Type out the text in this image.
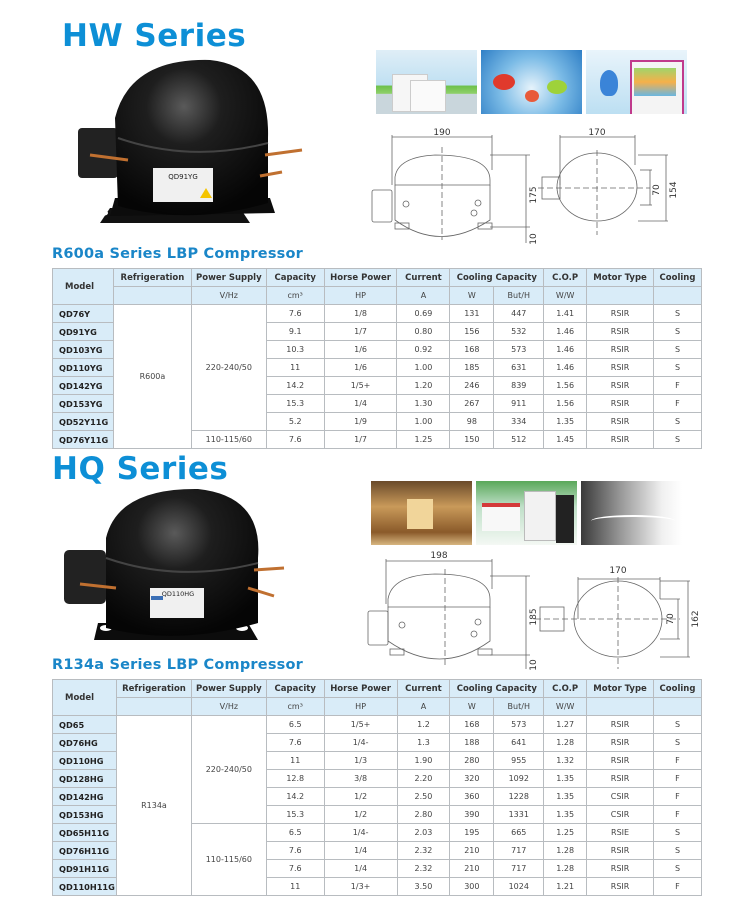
HW Series
QD91YG
190
175
10
170
70 154
R600a Series LBP Compressor
Model	Refrigeration	Power Supply	Capacity	Horse Power	Current	Cooling Capacity		C.O.P	Motor Type	Cooling
		V/Hz	cm³	HP	A	W	But/H	W/W		
QD76Y	R600a	220-240/50	7.6	1/8	0.69	131	447	1.41	RSIR	S
QD91YG			9.1	1/7	0.80	156	532	1.46	RSIR	S
QD103YG			10.3	1/6	0.92	168	573	1.46	RSIR	S
QD110YG			11	1/6	1.00	185	631	1.46	RSIR	S
QD142YG			14.2	1/5+	1.20	246	839	1.56	RSIR	F
QD153YG			15.3	1/4	1.30	267	911	1.56	RSIR	F
QD52Y11G			5.2	1/9	1.00	98	334	1.35	RSIR	S
QD76Y11G		110-115/60	7.6	1/7	1.25	150	512	1.45	RSIR	S
HQ Series
QD110HG
198
185
10
170
70 162
R134a Series LBP Compressor
Model	Refrigeration	Power Supply	Capacity	Horse Power	Current	Cooling Capacity		C.O.P	Motor Type	Cooling
		V/Hz	cm³	HP	A	W	But/H	W/W		
QD65	R134a	220-240/50	6.5	1/5+	1.2	168	573	1.27	RSIR	S
QD76HG			7.6	1/4-	1.3	188	641	1.28	RSIR	S
QD110HG			11	1/3	1.90	280	955	1.32	RSIR	F
QD128HG			12.8	3/8	2.20	320	1092	1.35	RSIR	F
QD142HG			14.2	1/2	2.50	360	1228	1.35	CSIR	F
QD153HG			15.3	1/2	2.80	390	1331	1.35	CSIR	F
QD65H11G		110-115/60	6.5	1/4-	2.03	195	665	1.25	RSIE	S
QD76H11G			7.6	1/4	2.32	210	717	1.28	RSIR	S
QD91H11G			7.6	1/4	2.32	210	717	1.28	RSIR	S
QD110H11G			11	1/3+	3.50	300	1024	1.21	RSIR	F
